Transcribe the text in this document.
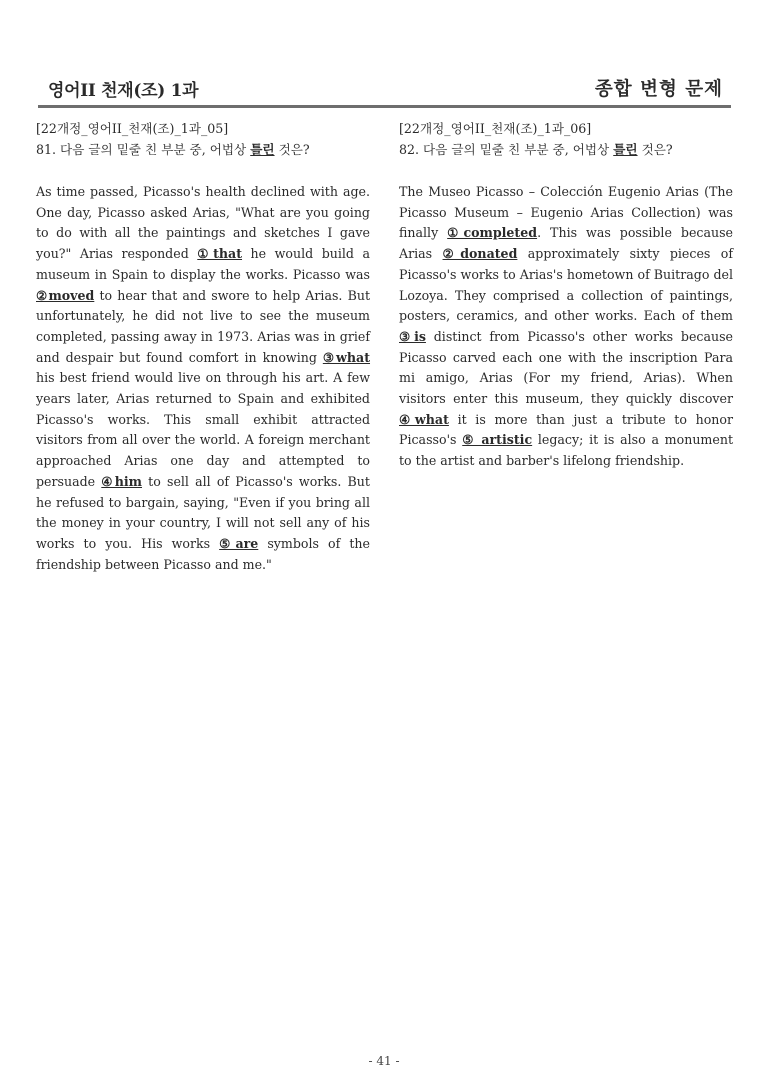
영어II 천재(조) 1과	종합 변형 문제
[22개정_영어II_천재(조)_1과_05]
81. 다음 글의 밑줄 친 부분 중, 어법상 틀린 것은?
As time passed, Picasso's health declined with age. One day, Picasso asked Arias, "What are you going to do with all the paintings and sketches I gave you?" Arias responded ①that he would build a museum in Spain to display the works. Picasso was ②moved to hear that and swore to help Arias. But unfortunately, he did not live to see the museum completed, passing away in 1973. Arias was in grief and despair but found comfort in knowing ③what his best friend would live on through his art. A few years later, Arias returned to Spain and exhibited Picasso's works. This small exhibit attracted visitors from all over the world. A foreign merchant approached Arias one day and attempted to persuade ④him to sell all of Picasso's works. But he refused to bargain, saying, "Even if you bring all the money in your country, I will not sell any of his works to you. His works ⑤are symbols of the friendship between Picasso and me."
[22개정_영어II_천재(조)_1과_06]
82. 다음 글의 밑줄 친 부분 중, 어법상 틀린 것은?
The Museo Picasso – Colección Eugenio Arias (The Picasso Museum – Eugenio Arias Collection) was finally ①completed. This was possible because Arias ②donated approximately sixty pieces of Picasso's works to Arias's hometown of Buitrago del Lozoya. They comprised a collection of paintings, posters, ceramics, and other works. Each of them ③is distinct from Picasso's other works because Picasso carved each one with the inscription Para mi amigo, Arias (For my friend, Arias). When visitors enter this museum, they quickly discover ④what it is more than just a tribute to honor Picasso's ⑤ artistic legacy; it is also a monument to the artist and barber's lifelong friendship.
- 41 -
